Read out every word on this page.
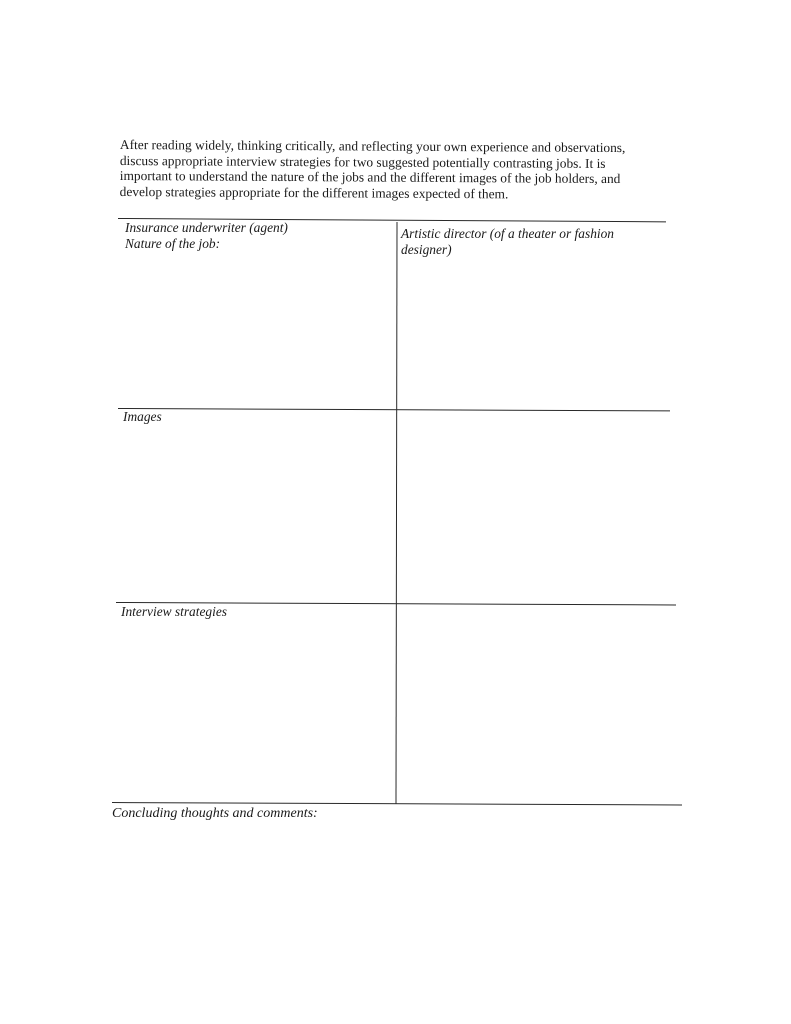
After reading widely, thinking critically, and reflecting your own experience and observations,
discuss appropriate interview strategies for two suggested potentially contrasting jobs. It is
important to understand the nature of the jobs and the different images of the job holders, and
develop strategies appropriate for the different images expected of them.
Insurance underwriter (agent)
Nature of the job:
Artistic director (of a theater or fashion
designer)
Images
Interview strategies
Concluding thoughts and comments:
